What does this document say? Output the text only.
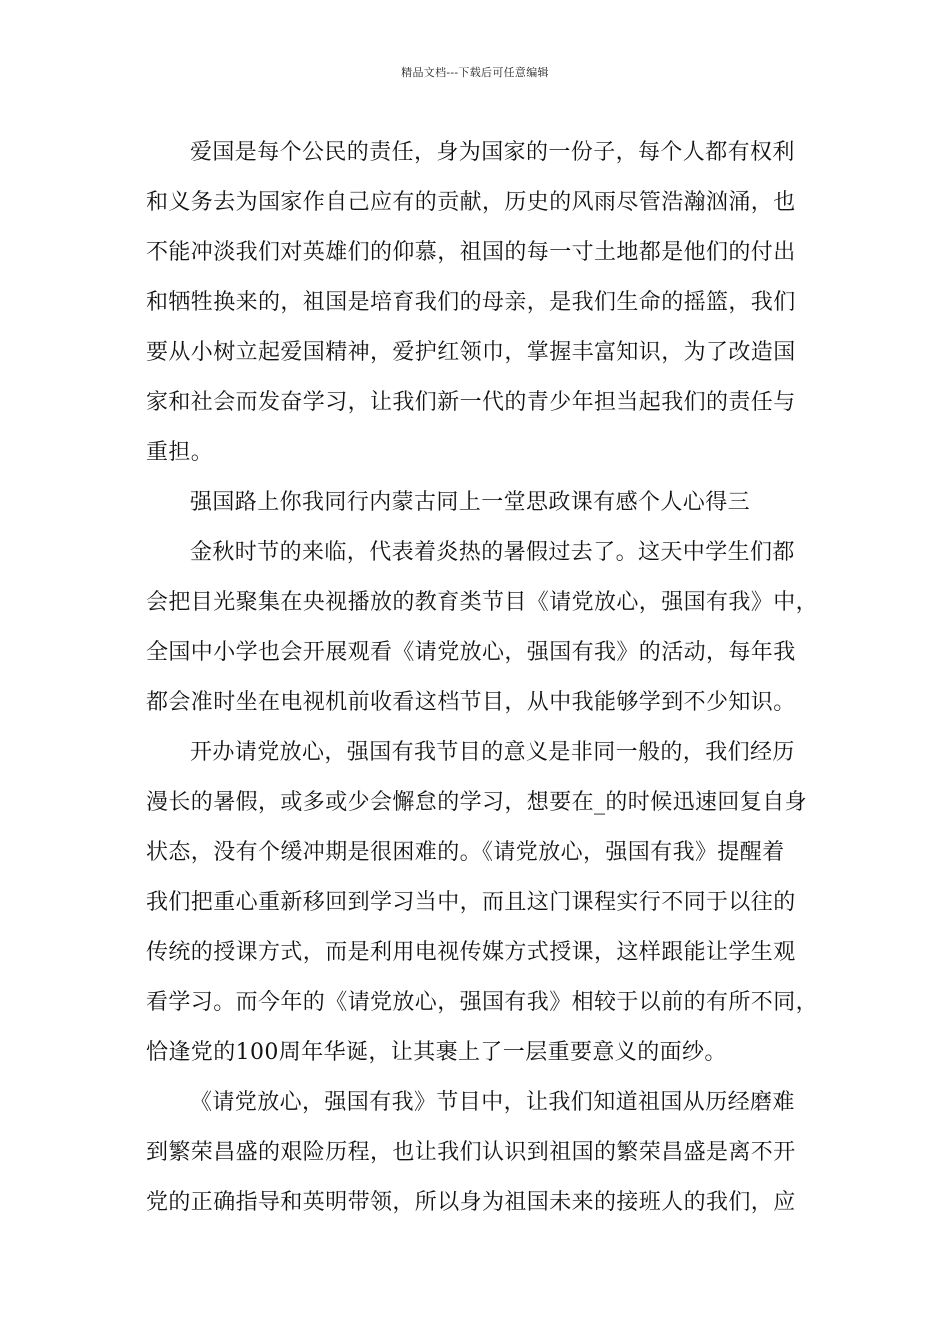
精品文档---下载后可任意编辑
爱国是每个公民的责任，身为国家的一份子，每个人都有权利
和义务去为国家作自己应有的贡献，历史的风雨尽管浩瀚汹涌，也
不能冲淡我们对英雄们的仰慕，祖国的每一寸土地都是他们的付出
和牺牲换来的，祖国是培育我们的母亲，是我们生命的摇篮，我们
要从小树立起爱国精神，爱护红领巾，掌握丰富知识，为了改造国
家和社会而发奋学习，让我们新一代的青少年担当起我们的责任与
重担。
强国路上你我同行内蒙古同上一堂思政课有感个人心得三
金秋时节的来临，代表着炎热的暑假过去了。这天中学生们都
会把目光聚集在央视播放的教育类节目《请党放心，强国有我》中，
全国中小学也会开展观看《请党放心，强国有我》的活动，每年我
都会准时坐在电视机前收看这档节目，从中我能够学到不少知识。
开办请党放心，强国有我节目的意义是非同一般的，我们经历
漫长的暑假，或多或少会懈怠的学习，想要在_的时候迅速回复自身
状态，没有个缓冲期是很困难的。《请党放心，强国有我》提醒着
我们把重心重新移回到学习当中，而且这门课程实行不同于以往的
传统的授课方式，而是利用电视传媒方式授课，这样跟能让学生观
看学习。而今年的《请党放心，强国有我》相较于以前的有所不同，
恰逢党的100周年华诞，让其裹上了一层重要意义的面纱。
《请党放心，强国有我》节目中，让我们知道祖国从历经磨难
到繁荣昌盛的艰险历程，也让我们认识到祖国的繁荣昌盛是离不开
党的正确指导和英明带领，所以身为祖国未来的接班人的我们，应
